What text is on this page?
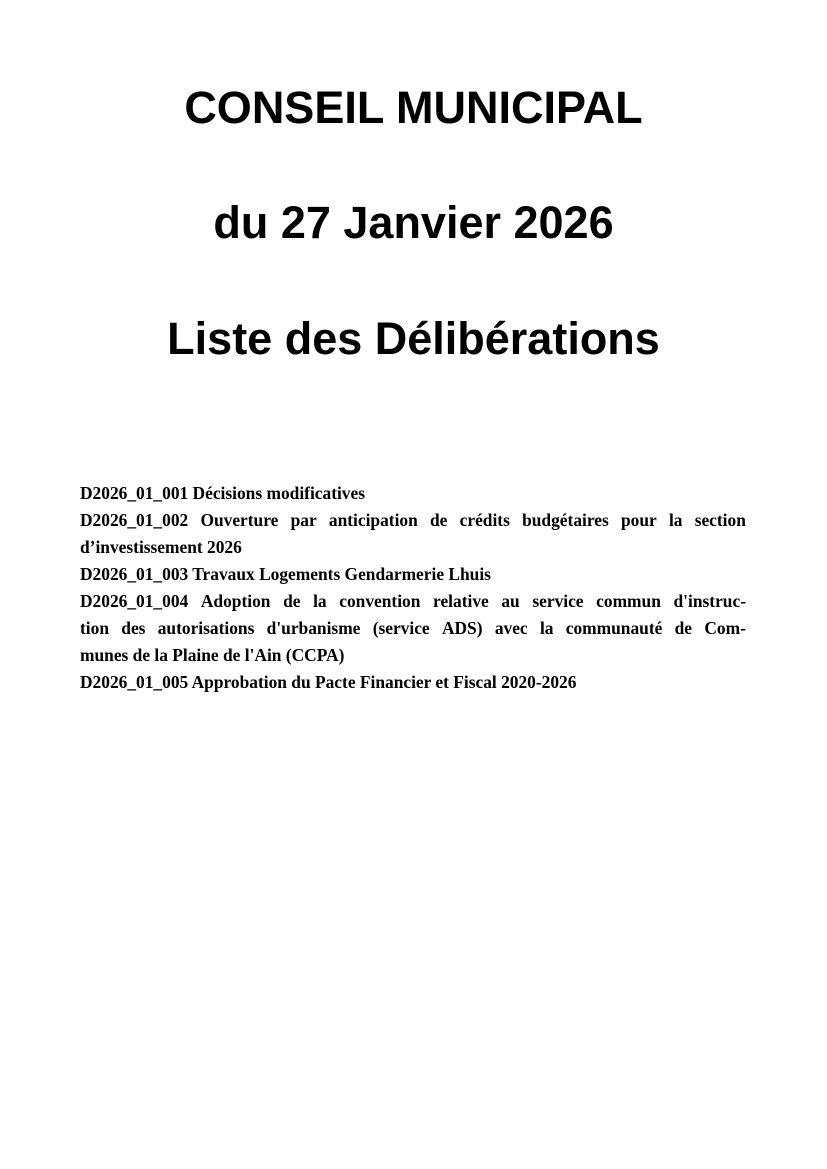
CONSEIL MUNICIPAL
du 27 Janvier 2026
Liste des Délibérations
D2026_01_001 Décisions modificatives
D2026_01_002 Ouverture par anticipation de crédits budgétaires pour la section
d’investissement 2026
D2026_01_003 Travaux Logements Gendarmerie Lhuis
D2026_01_004 Adoption de la convention relative au service commun d'instruc-
tion des autorisations d'urbanisme (service ADS) avec la communauté de Com-
munes de la Plaine de l'Ain (CCPA)
D2026_01_005 Approbation du Pacte Financier et Fiscal 2020-2026
